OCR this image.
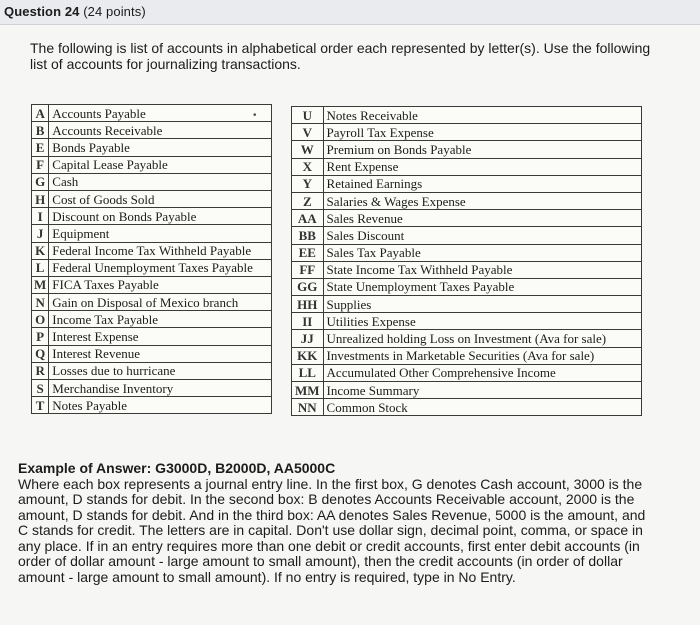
Question 24 (24 points)
The following is list of accounts in alphabetical order each represented by letter(s). Use the following list of accounts for journalizing transactions.
A	Accounts Payable
B	Accounts Receivable
E	Bonds Payable
F	Capital Lease Payable
G	Cash
H	Cost of Goods Sold
I	Discount on Bonds Payable
J	Equipment
K	Federal Income Tax Withheld Payable
L	Federal Unemployment Taxes Payable
M	FICA Taxes Payable
N	Gain on Disposal of Mexico branch
O	Income Tax Payable
P	Interest Expense
Q	Interest Revenue
R	Losses due to hurricane
S	Merchandise Inventory
T	Notes Payable
•	U	Notes Receivable
V	Payroll Tax Expense
W	Premium on Bonds Payable
X	Rent Expense
Y	Retained Earnings
Z	Salaries & Wages Expense
AA	Sales Revenue
BB	Sales Discount
EE	Sales Tax Payable
FF	State Income Tax Withheld Payable
GG	State Unemployment Taxes Payable
HH	Supplies
II	Utilities Expense
JJ	Unrealized holding Loss on Investment (Ava for sale)
KK	Investments in Marketable Securities (Ava for sale)
LL	Accumulated Other Comprehensive Income
MM	Income Summary
NN	Common Stock
Example of Answer: G3000D, B2000D, AA5000C
Where each box represents a journal entry line. In the first box, G denotes Cash account, 3000 is the amount, D stands for debit. In the second box: B denotes Accounts Receivable account, 2000 is the amount, D stands for debit. And in the third box: AA denotes Sales Revenue, 5000 is the amount, and C stands for credit. The letters are in capital. Don't use dollar sign, decimal point, comma, or space in any place. If in an entry requires more than one debit or credit accounts, first enter debit accounts (in order of dollar amount - large amount to small amount), then the credit accounts (in order of dollar amount - large amount to small amount). If no entry is required, type in No Entry.
